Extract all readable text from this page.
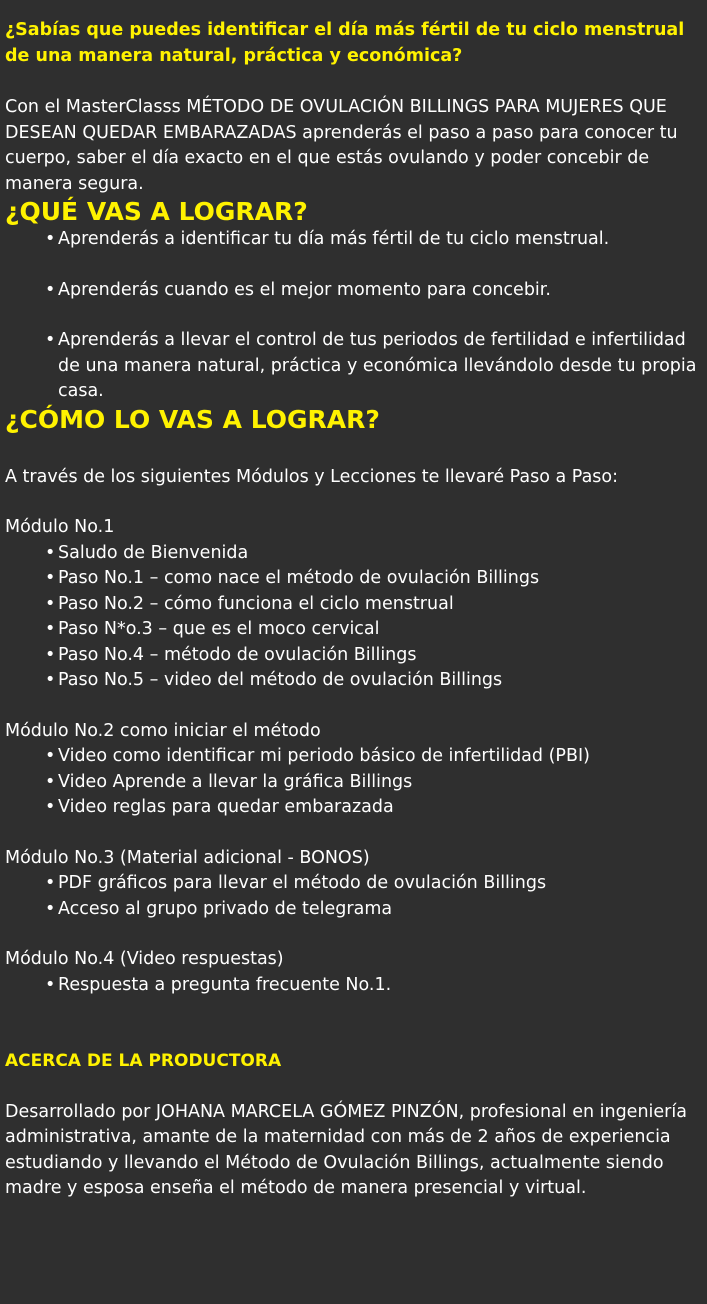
¿Sabías que puedes identificar el día más fértil de tu ciclo menstrual de una manera natural, práctica y económica?

Con el MasterClasss MÉTODO DE OVULACIÓN BILLINGS PARA MUJERES QUE DESEAN QUEDAR EMBARAZADAS aprenderás el paso a paso para conocer tu cuerpo, saber el día exacto en el que estás ovulando y poder concebir de manera segura.

¿QUÉ VAS A LOGRAR?
• Aprenderás a identificar tu día más fértil de tu ciclo menstrual.
• Aprenderás cuando es el mejor momento para concebir.
• Aprenderás a llevar el control de tus periodos de fertilidad e infertilidad de una manera natural, práctica y económica llevándolo desde tu propia casa.
¿CÓMO LO VAS A LOGRAR?

A través de los siguientes Módulos y Lecciones te llevaré Paso a Paso:

Módulo No.1

• Saludo de Bienvenida
• Paso No.1 – como nace el método de ovulación Billings
• Paso No.2 – cómo funciona el ciclo menstrual
• Paso N*o.3 – que es el moco cervical
• Paso No.4 – método de ovulación Billings
• Paso No.5 – video del método de ovulación Billings

Módulo No.2 como iniciar el método

• Video como identificar mi periodo básico de infertilidad (PBI)
• Video Aprende a llevar la gráfica Billings
• Video reglas para quedar embarazada

Módulo No.3 (Material adicional - BONOS)

• PDF gráficos para llevar el método de ovulación Billings
• Acceso al grupo privado de telegrama

Módulo No.4 (Video respuestas)

• Respuesta a pregunta frecuente No.1.

ACERCA DE LA PRODUCTORA

Desarrollado por JOHANA MARCELA GÓMEZ PINZÓN, profesional en ingeniería administrativa, amante de la maternidad con más de 2 años de experiencia estudiando y llevando el Método de Ovulación Billings, actualmente siendo madre y esposa enseña el método de manera presencial y virtual.
